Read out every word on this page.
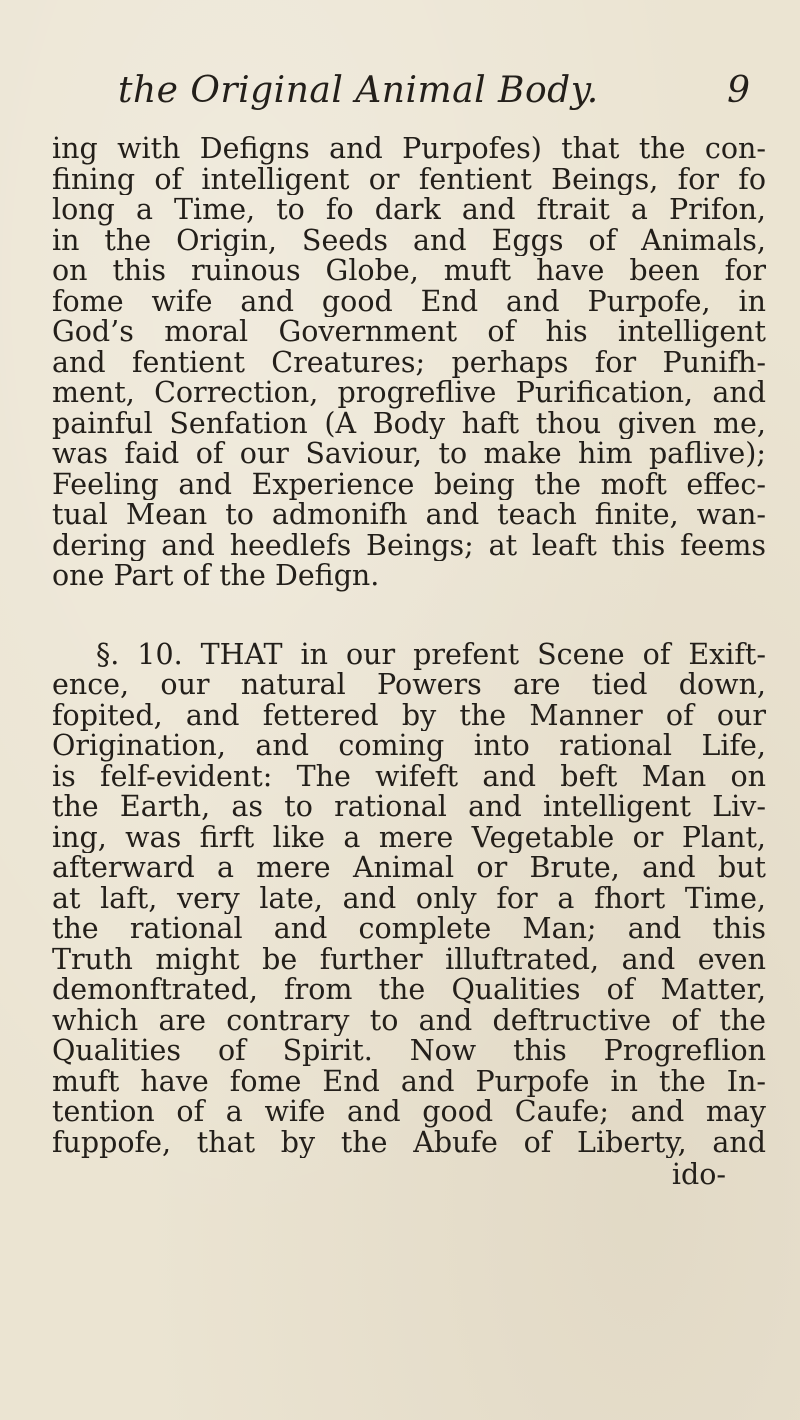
the Original Animal Body.	9
ing with Defigns and Purpofes) that the con-
fining of intelligent or fentient Beings, for fo
long a Time, to fo dark and ftrait a Prifon,
in the Origin, Seeds and Eggs of Animals,
on this ruinous Globe, muft have been for
fome wife and good End and Purpofe, in
God’s moral Government of his intelligent
and fentient Creatures; perhaps for Punifh-
ment, Correction, progreflive Purification, and
painful Senfation (A Body haft thou given me,
was faid of our Saviour, to make him paflive);
Feeling and Experience being the moft effec-
tual Mean to admonifh and teach finite, wan-
dering and heedlefs Beings; at leaft this feems
one Part of the Defign.
§. 10. THAT in our prefent Scene of Exift-
ence, our natural Powers are tied down,
fopited, and fettered by the Manner of our
Origination, and coming into rational Life,
is felf-evident: The wifeft and beft Man on
the Earth, as to rational and intelligent Liv-
ing, was firft like a mere Vegetable or Plant,
afterward a mere Animal or Brute, and but
at laft, very late, and only for a fhort Time,
the rational and complete Man; and this
Truth might be further illuftrated, and even
demonftrated, from the Qualities of Matter,
which are contrary to and deftructive of the
Qualities of Spirit. Now this Progreflion
muft have fome End and Purpofe in the In-
tention of a wife and good Caufe; and may
fuppofe, that by the Abufe of Liberty, and
ido-
